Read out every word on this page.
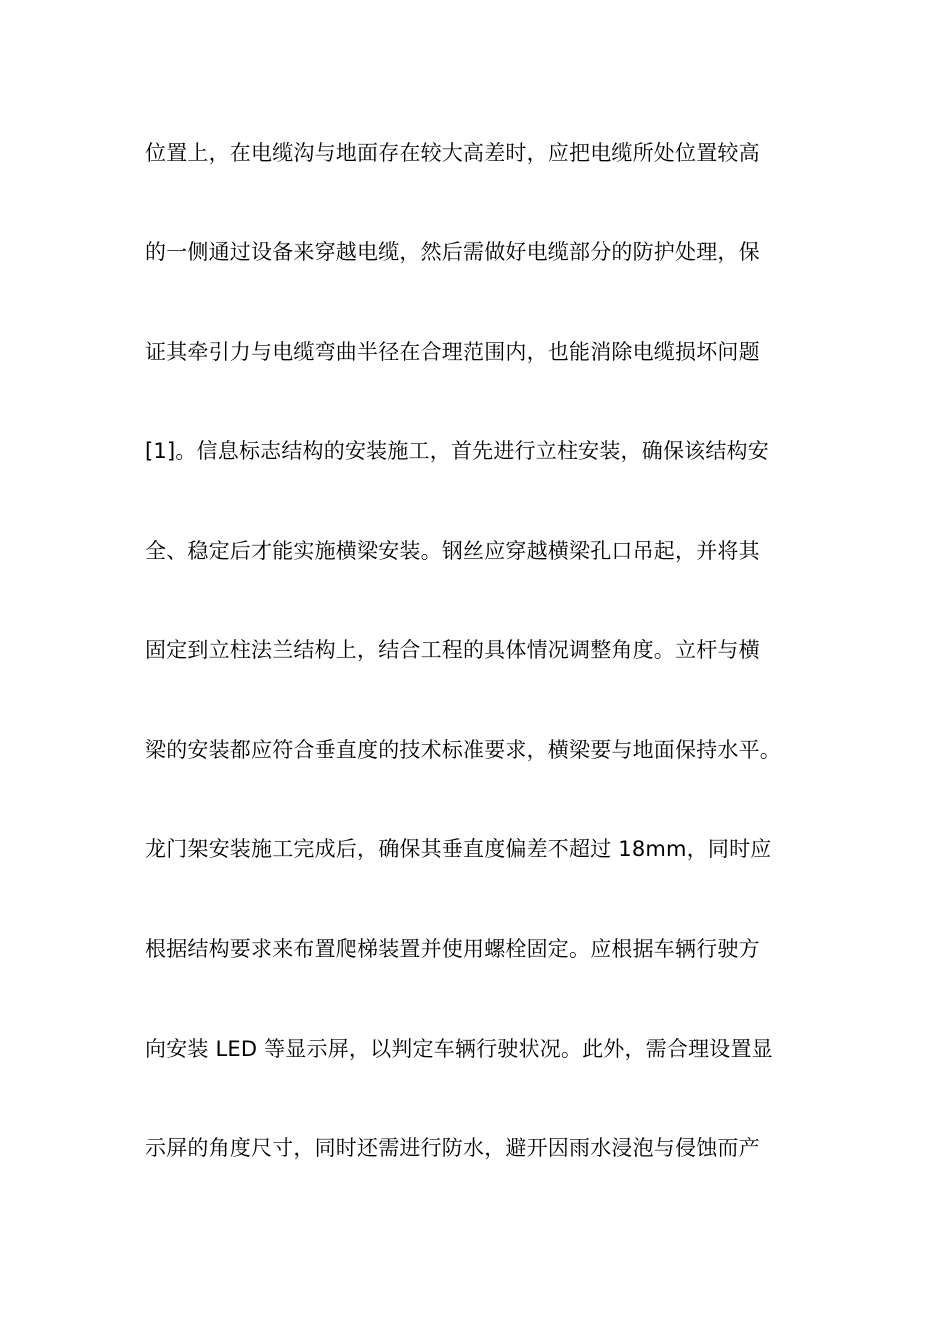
位置上，在电缆沟与地面存在较大高差时，应把电缆所处位置较高
的一侧通过设备来穿越电缆，然后需做好电缆部分的防护处理，保
证其牵引力与电缆弯曲半径在合理范围内，也能消除电缆损坏问题
[1]。信息标志结构的安装施工，首先进行立柱安装，确保该结构安
全、稳定后才能实施横梁安装。钢丝应穿越横梁孔口吊起，并将其
固定到立柱法兰结构上，结合工程的具体情况调整角度。立杆与横
梁的安装都应符合垂直度的技术标准要求，横梁要与地面保持水平。
龙门架安装施工完成后，确保其垂直度偏差不超过 18mm，同时应
根据结构要求来布置爬梯装置并使用螺栓固定。应根据车辆行驶方
向安装 LED 等显示屏，以判定车辆行驶状况。此外，需合理设置显
示屏的角度尺寸，同时还需进行防水，避开因雨水浸泡与侵蚀而产
